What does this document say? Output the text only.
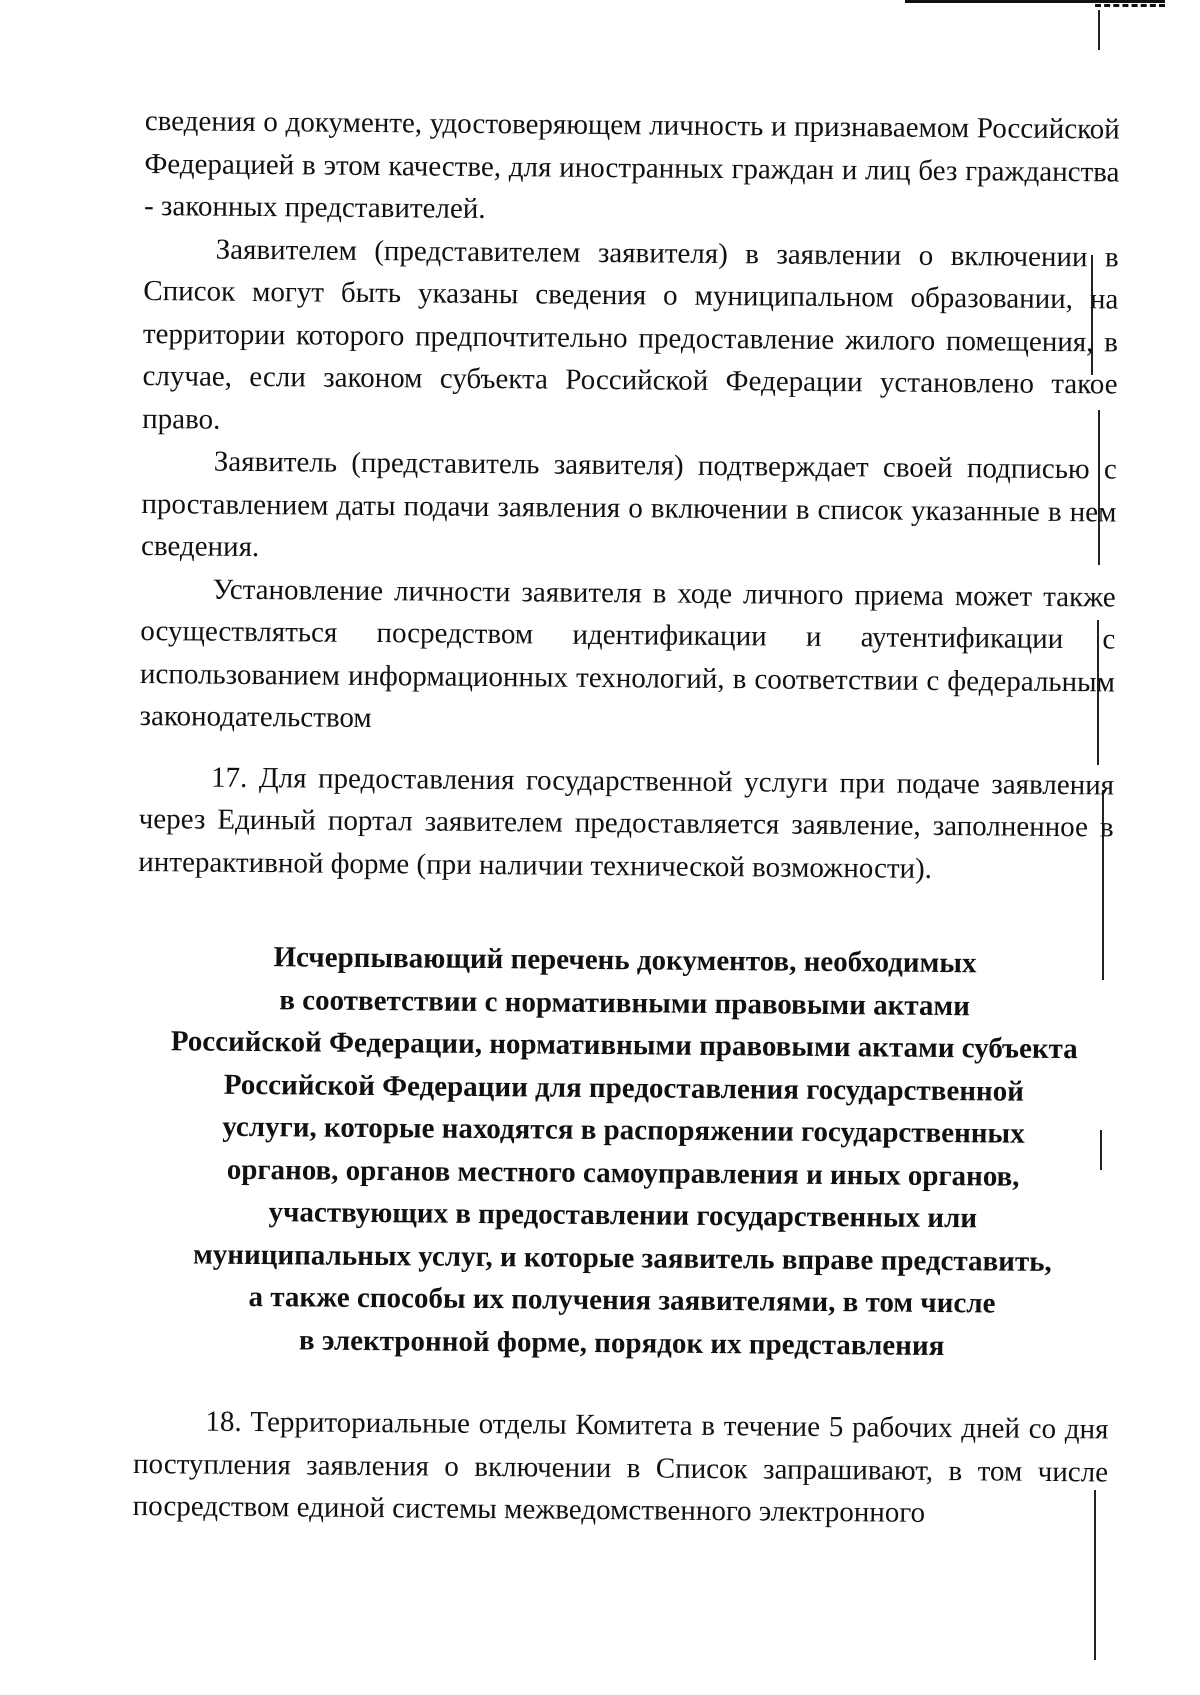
сведения о документе, удостоверяющем личность и признаваемом Российской Федерацией в этом качестве, для иностранных граждан и лиц без гражданства - законных представителей.

Заявителем (представителем заявителя) в заявлении о включении в Список могут быть указаны сведения о муниципальном образовании, на территории которого предпочтительно предоставление жилого помещения, в случае, если законом субъекта Российской Федерации установлено такое право.

Заявитель (представитель заявителя) подтверждает своей подписью с проставлением даты подачи заявления о включении в список указанные в нем сведения.

Установление личности заявителя в ходе личного приема может также осуществляться посредством идентификации и аутентификации с использованием информационных технологий, в соответствии с федеральным законодательством

17. Для предоставления государственной услуги при подаче заявления через Единый портал заявителем предоставляется заявление, заполненное в интерактивной форме (при наличии технической возможности).

Исчерпывающий перечень документов, необходимых
в соответствии с нормативными правовыми актами
Российской Федерации, нормативными правовыми актами субъекта
Российской Федерации для предоставления государственной
услуги, которые находятся в распоряжении государственных
органов, органов местного самоуправления и иных органов,
участвующих в предоставлении государственных или
муниципальных услуг, и которые заявитель вправе представить,
а также способы их получения заявителями, в том числе
в электронной форме, порядок их представления

18. Территориальные отделы Комитета в течение 5 рабочих дней со дня поступления заявления о включении в Список запрашивают, в том числе посредством единой системы межведомственного электронного
